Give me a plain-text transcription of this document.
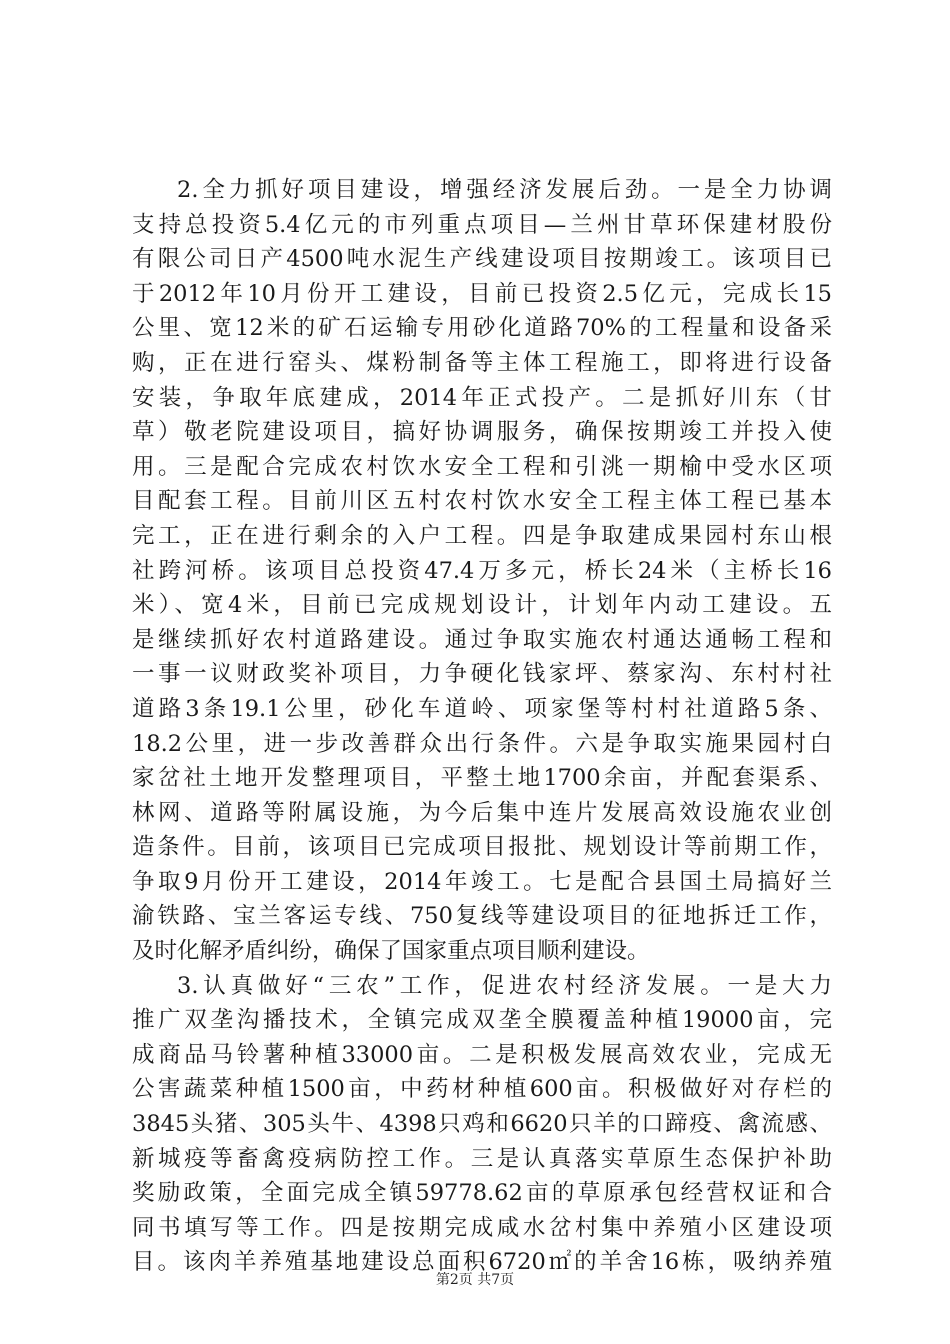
2.全力抓好项目建设，增强经济发展后劲。一是全力协调
支持总投资5.4亿元的市列重点项目—兰州甘草环保建材股份
有限公司日产4500吨水泥生产线建设项目按期竣工。该项目已
于2012年10月份开工建设，目前已投资2.5亿元，完成长15
公里、宽12米的矿石运输专用砂化道路70%的工程量和设备采
购，正在进行窑头、煤粉制备等主体工程施工，即将进行设备
安装，争取年底建成，2014年正式投产。二是抓好川东（甘
草）敬老院建设项目，搞好协调服务，确保按期竣工并投入使
用。三是配合完成农村饮水安全工程和引洮一期榆中受水区项
目配套工程。目前川区五村农村饮水安全工程主体工程已基本
完工，正在进行剩余的入户工程。四是争取建成果园村东山根
社跨河桥。该项目总投资47.4万多元，桥长24米（主桥长16
米）、宽4米，目前已完成规划设计，计划年内动工建设。五
是继续抓好农村道路建设。通过争取实施农村通达通畅工程和
一事一议财政奖补项目，力争硬化钱家坪、蔡家沟、东村村社
道路3条19.1公里，砂化车道岭、项家堡等村村社道路5条、
18.2公里，进一步改善群众出行条件。六是争取实施果园村白
家岔社土地开发整理项目，平整土地1700余亩，并配套渠系、
林网、道路等附属设施，为今后集中连片发展高效设施农业创
造条件。目前，该项目已完成项目报批、规划设计等前期工作，
争取9月份开工建设，2014年竣工。七是配合县国土局搞好兰
渝铁路、宝兰客运专线、750复线等建设项目的征地拆迁工作，
及时化解矛盾纠纷，确保了国家重点项目顺利建设。
3.认真做好“三农”工作，促进农村经济发展。一是大力
推广双垄沟播技术，全镇完成双垄全膜覆盖种植19000亩，完
成商品马铃薯种植33000亩。二是积极发展高效农业，完成无
公害蔬菜种植1500亩，中药材种植600亩。积极做好对存栏的
3845头猪、305头牛、4398只鸡和6620只羊的口蹄疫、禽流感、
新城疫等畜禽疫病防控工作。三是认真落实草原生态保护补助
奖励政策，全面完成全镇59778.62亩的草原承包经营权证和合
同书填写等工作。四是按期完成咸水岔村集中养殖小区建设项
目。该肉羊养殖基地建设总面积6720㎡的羊舍16栋，吸纳养殖
第2页 共7页
